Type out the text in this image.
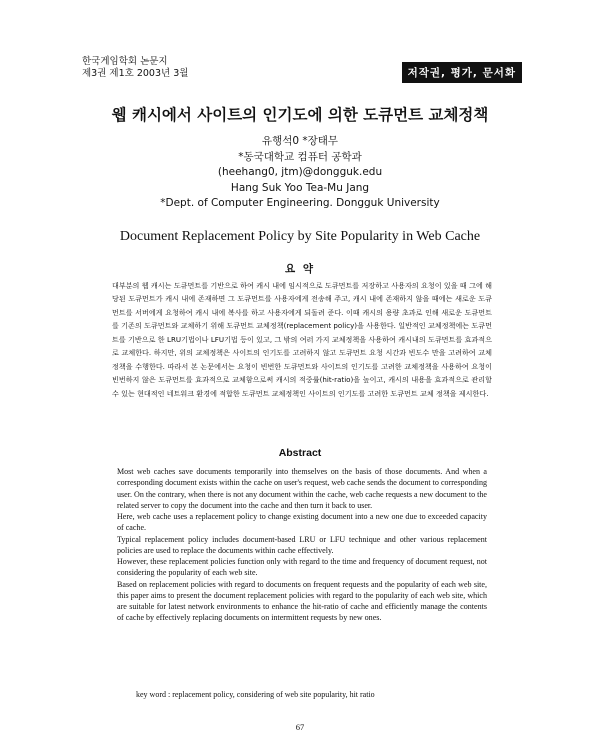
한국게임학회 논문지
제3권 제1호 2003년 3월	저작권, 평가, 문서화
웹 캐시에서 사이트의 인기도에 의한 도큐먼트 교체정책
유행석0 *장태무
*동국대학교 컴퓨터 공학과
(heehang0, jtm)@dongguk.edu
Hang Suk Yoo Tea-Mu Jang
*Dept. of Computer Engineering. Dongguk University
Document Replacement Policy by Site Popularity in Web Cache
요 약

대부분의 웹 캐시는 도큐먼트를 기반으로 하여 캐시 내에 임시적으로 도큐먼트를 저장하고 사용자의 요청이 있을 때 그에 해당된 도큐먼트가 캐시 내에 존재하면 그 도큐먼트를 사용자에게 전송해 주고, 캐시 내에 존재하지 않을 때에는 새로운 도큐먼트를 서버에게 요청하여 캐시 내에 복사를 하고 사용자에게 되돌려 준다. 이때 캐시의 용량 초과로 인해 새로운 도큐먼트를 기존의 도큐먼트와 교체하기 위해 도큐먼트 교체정책(replacement policy)을 사용한다. 일반적인 교체정책에는 도큐먼트를 기반으로 한 LRU기법이나 LFU기법 등이 있고, 그 밖의 여러 가지 교체정책을 사용하여 캐시내의 도큐먼트를 효과적으로 교체한다. 하지만, 위의 교체정책은 사이트의 인기도를 고려하지 않고 도큐먼트 요청 시간과 빈도수 만을 고려하여 교체정책을 수행한다. 따라서 본 논문에서는 요청이 빈번한 도큐먼트와 사이트의 인기도를 고려한 교체정책을 사용하여 요청이 빈번하지 않은 도큐먼트를 효과적으로 교체함으로써 캐시의 적중률(hit-ratio)을 높이고, 캐시의 내용을 효과적으로 관리할 수 있는 현대적인 네트워크 환경에 적합한 도큐먼트 교체정책인 사이트의 인기도를 고려한 도큐먼트 교체 정책을 제시한다.

Abstract

Most web caches save documents temporarily into themselves on the basis of those documents. And when a corresponding document exists within the cache on user's request, web cache sends the document to corresponding user. On the contrary, when there is not any document within the cache, web cache requests a new document to the related server to copy the document into the cache and then turn it back to user.

Here, web cache uses a replacement policy to change existing document into a new one due to exceeded capacity of cache.

Typical replacement policy includes document-based LRU or LFU technique and other various replacement policies are used to replace the documents within cache effectively.

However, these replacement policies function only with regard to the time and frequency of document request, not considering the popularity of each web site.

Based on replacement policies with regard to documents on frequent requests and the popularity of each web site, this paper aims to present the document replacement policies with regard to the popularity of each web site, which are suitable for latest network environments to enhance the hit-ratio of cache and efficiently manage the contents of cache by effectively replacing documents on intermittent requests by new ones.

key word : replacement policy, considering of web site popularity, hit ratio
67
